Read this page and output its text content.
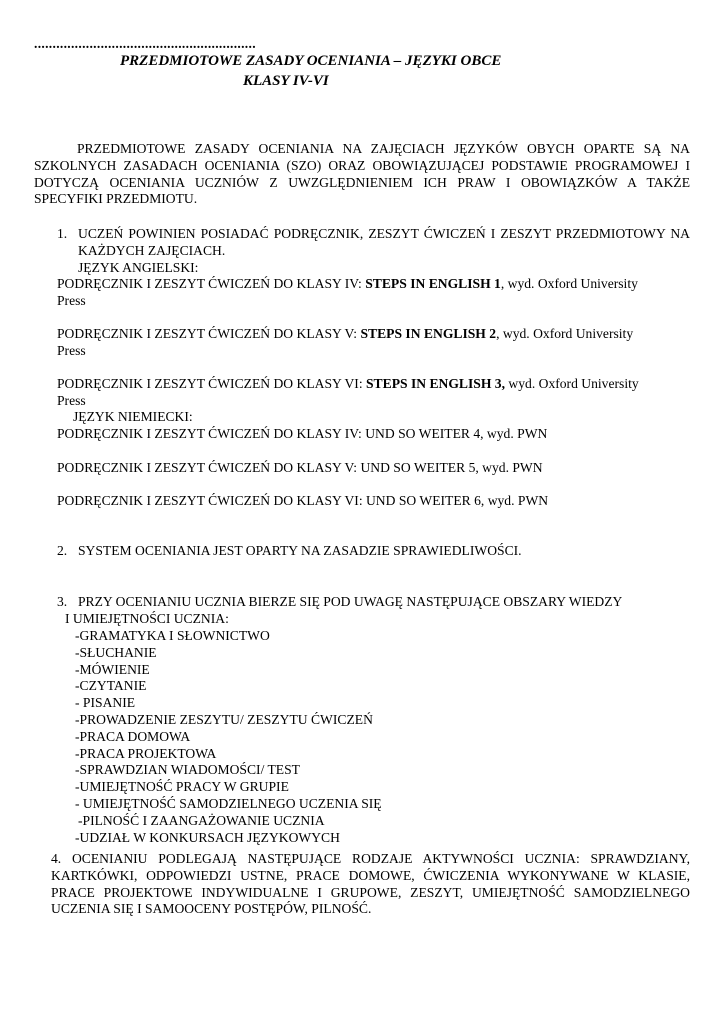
............................................................
PRZEDMIOTOWE ZASADY OCENIANIA – JĘZYKI OBCE
KLASY IV-VI
PRZEDMIOTOWE ZASADY OCENIANIA NA ZAJĘCIACH JĘZYKÓW OBYCH OPARTE SĄ NA SZKOLNYCH ZASADACH OCENIANIA (SZO) ORAZ OBOWIĄZUJĄCEJ PODSTAWIE PROGRAMOWEJ I DOTYCZĄ OCENIANIA UCZNIÓW Z UWZGLĘDNIENIEM ICH PRAW I OBOWIĄZKÓW A TAKŻE SPECYFIKI PRZEDMIOTU.
1. UCZEŃ POWINIEN POSIADAĆ PODRĘCZNIK, ZESZYT ĆWICZEŃ I ZESZYT PRZEDMIOTOWY NA KAŻDYCH ZAJĘCIACH.
JĘZYK ANGIELSKI:
PODRĘCZNIK I ZESZYT ĆWICZEŃ DO KLASY IV: STEPS IN ENGLISH 1, wyd. Oxford University
Press
PODRĘCZNIK I ZESZYT ĆWICZEŃ DO KLASY V: STEPS IN ENGLISH 2, wyd. Oxford University
Press
PODRĘCZNIK I ZESZYT ĆWICZEŃ DO KLASY VI: STEPS IN ENGLISH 3, wyd. Oxford University
Press
JĘZYK NIEMIECKI:
PODRĘCZNIK I ZESZYT ĆWICZEŃ DO KLASY IV: UND SO WEITER 4, wyd. PWN
PODRĘCZNIK I ZESZYT ĆWICZEŃ DO KLASY V: UND SO WEITER 5, wyd. PWN
PODRĘCZNIK I ZESZYT ĆWICZEŃ DO KLASY VI: UND SO WEITER 6, wyd. PWN
2. SYSTEM OCENIANIA JEST OPARTY NA ZASADZIE SPRAWIEDLIWOŚCI.
3. PRZY OCENIANIU UCZNIA BIERZE SIĘ POD UWAGĘ NASTĘPUJĄCE OBSZARY WIEDZY
I UMIEJĘTNOŚCI UCZNIA:
-GRAMATYKA I SŁOWNICTWO
-SŁUCHANIE
-MÓWIENIE
-CZYTANIE
- PISANIE
-PROWADZENIE ZESZYTU/ ZESZYTU ĆWICZEŃ
-PRACA DOMOWA
-PRACA PROJEKTOWA
-SPRAWDZIAN WIADOMOŚCI/ TEST
-UMIEJĘTNOŚĆ PRACY W GRUPIE
- UMIEJĘTNOŚĆ SAMODZIELNEGO UCZENIA SIĘ
-PILNOŚĆ I ZAANGAŻOWANIE UCZNIA
-UDZIAŁ W KONKURSACH JĘZYKOWYCH
4. OCENIANIU PODLEGAJĄ NASTĘPUJĄCE RODZAJE AKTYWNOŚCI UCZNIA: SPRAWDZIANY, KARTKÓWKI, ODPOWIEDZI USTNE, PRACE DOMOWE, ĆWICZENIA WYKONYWANE W KLASIE, PRACE PROJEKTOWE INDYWIDUALNE I GRUPOWE, ZESZYT, UMIEJĘTNOŚĆ SAMODZIELNEGO UCZENIA SIĘ I SAMOOCENY POSTĘPÓW, PILNOŚĆ.
